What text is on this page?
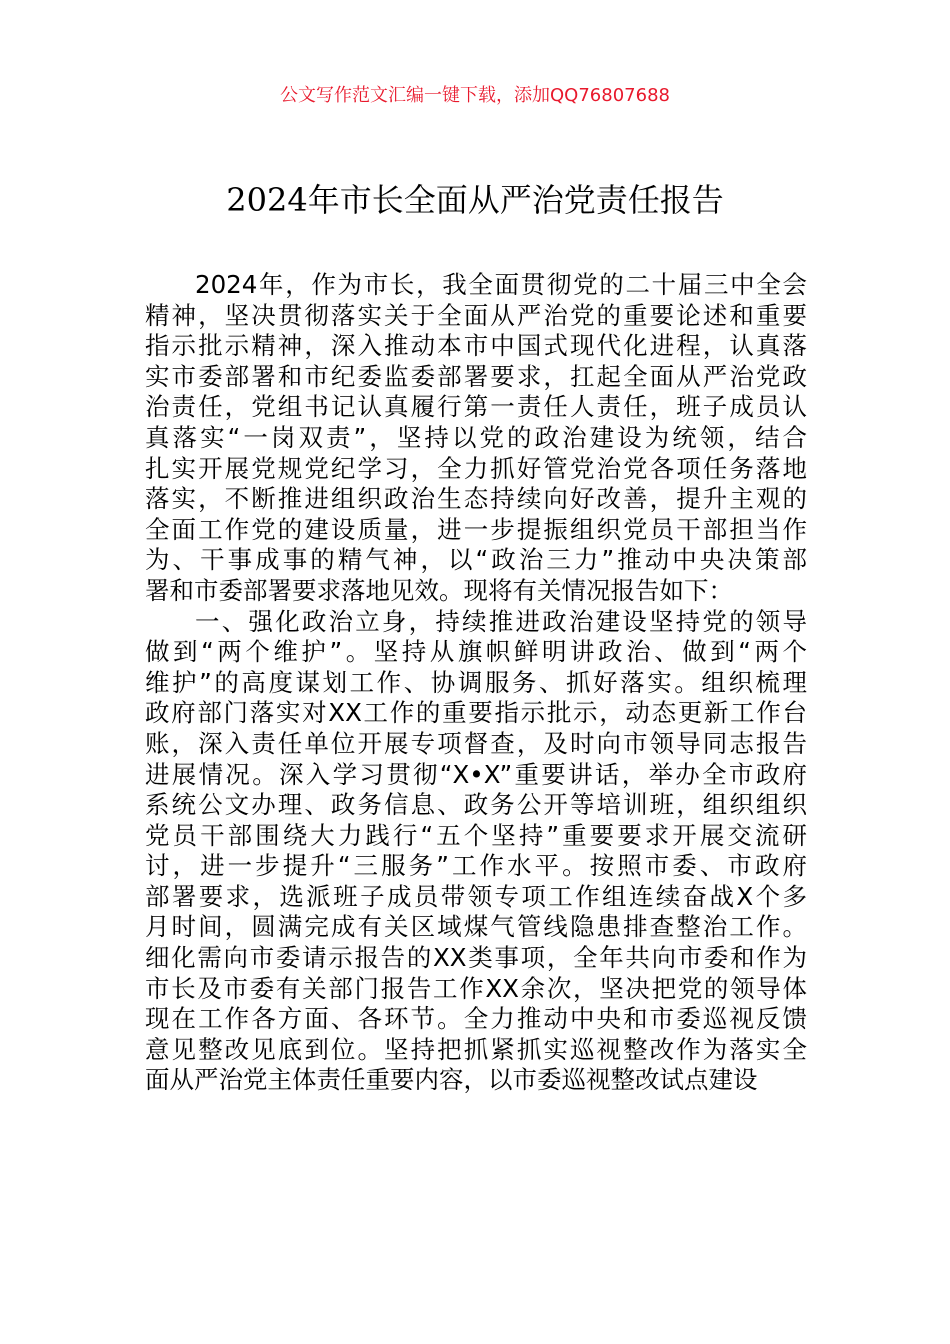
公文写作范文汇编一键下载，添加QQ76807688
2024年市长全面从严治党责任报告
2024年，作为市长，我全面贯彻党的二十届三中全会
精神，坚决贯彻落实关于全面从严治党的重要论述和重要
指示批示精神，深入推动本市中国式现代化进程，认真落
实市委部署和市纪委监委部署要求，扛起全面从严治党政
治责任，党组书记认真履行第一责任人责任，班子成员认
真落实“一岗双责”，坚持以党的政治建设为统领，结合
扎实开展党规党纪学习，全力抓好管党治党各项任务落地
落实，不断推进组织政治生态持续向好改善，提升主观的
全面工作党的建设质量，进一步提振组织党员干部担当作
为、干事成事的精气神，以“政治三力”推动中央决策部
署和市委部署要求落地见效。现将有关情况报告如下：
一、强化政治立身，持续推进政治建设坚持党的领导
做到“两个维护”。坚持从旗帜鲜明讲政治、做到“两个
维护”的高度谋划工作、协调服务、抓好落实。组织梳理
政府部门落实对XX工作的重要指示批示，动态更新工作台
账，深入责任单位开展专项督查，及时向市领导同志报告
进展情况。深入学习贯彻“X•X”重要讲话，举办全市政府
系统公文办理、政务信息、政务公开等培训班，组织组织
党员干部围绕大力践行“五个坚持”重要要求开展交流研
讨，进一步提升“三服务”工作水平。按照市委、市政府
部署要求，选派班子成员带领专项工作组连续奋战X个多
月时间，圆满完成有关区域煤气管线隐患排查整治工作。
细化需向市委请示报告的XX类事项，全年共向市委和作为
市长及市委有关部门报告工作XX余次，坚决把党的领导体
现在工作各方面、各环节。全力推动中央和市委巡视反馈
意见整改见底到位。坚持把抓紧抓实巡视整改作为落实全
面从严治党主体责任重要内容，以市委巡视整改试点建设
